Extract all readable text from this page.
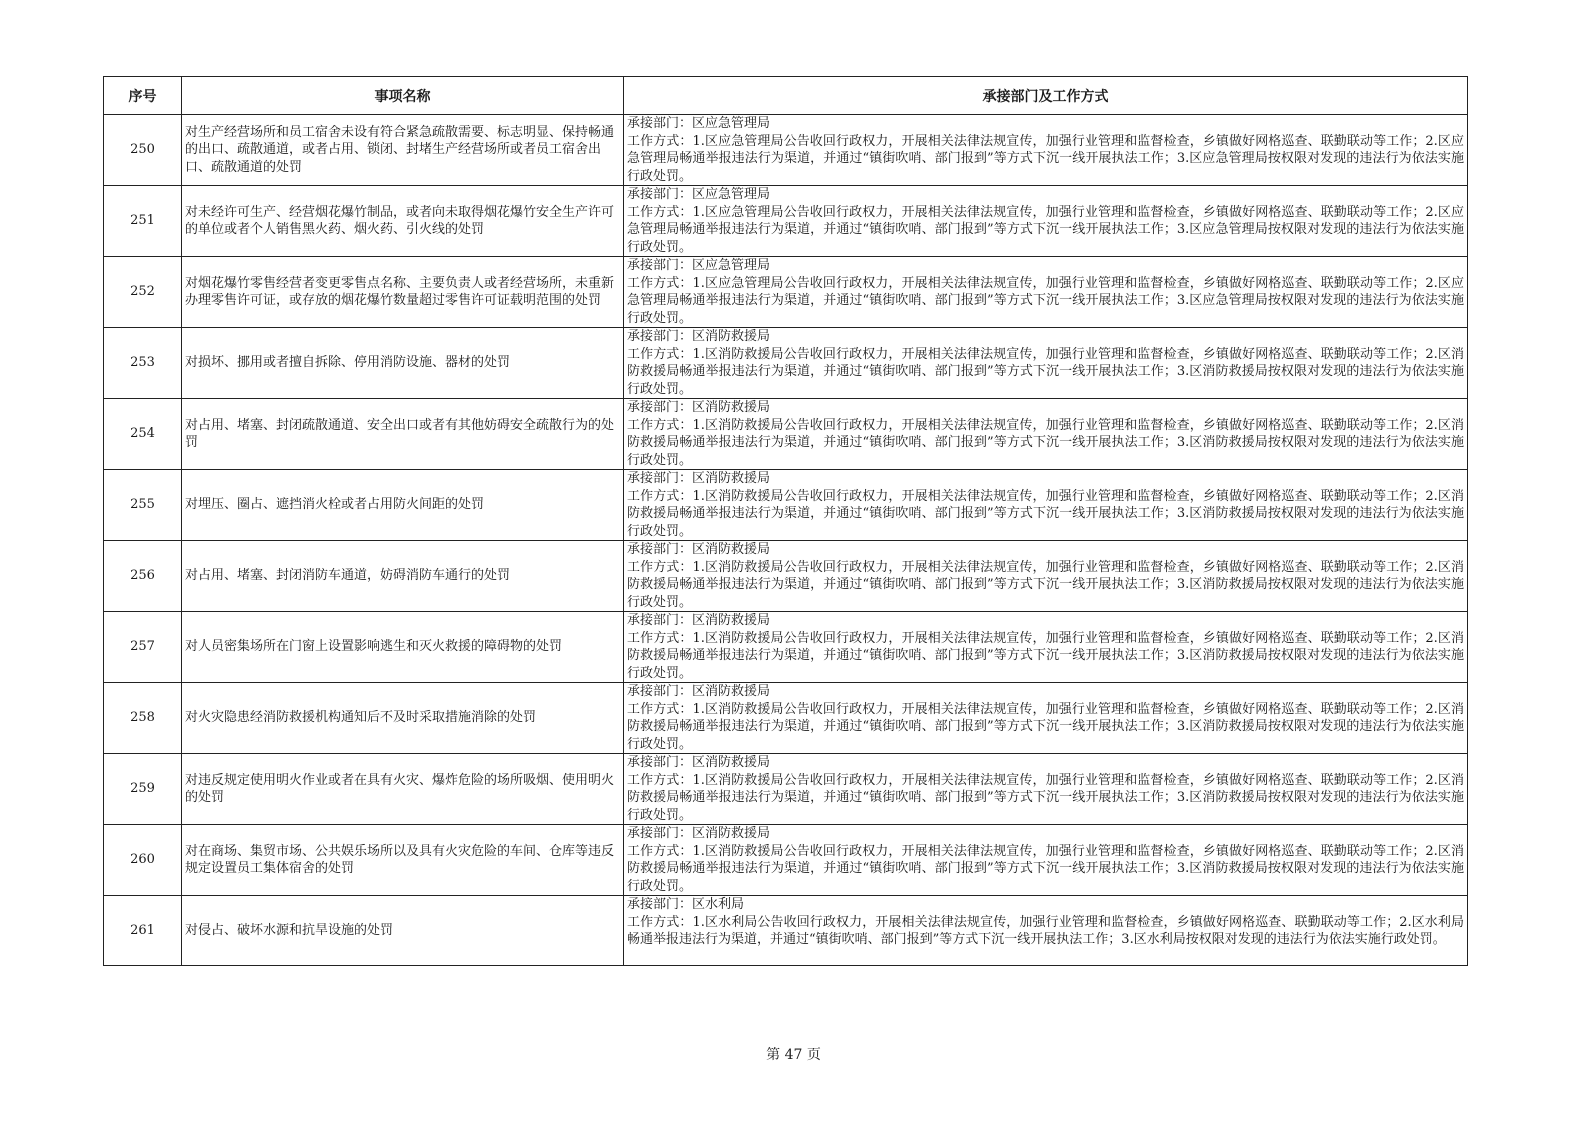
序号	事项名称	承接部门及工作方式
250	对生产经营场所和员工宿舍未设有符合紧急疏散需要、标志明显、保持畅通的出口、疏散通道，或者占用、锁闭、封堵生产经营场所或者员工宿舍出口、疏散通道的处罚	承接部门：区应急管理局
工作方式：1.区应急管理局公告收回行政权力，开展相关法律法规宣传，加强行业管理和监督检查，乡镇做好网格巡查、联勤联动等工作；2.区应急管理局畅通举报违法行为渠道，并通过“镇街吹哨、部门报到”等方式下沉一线开展执法工作；3.区应急管理局按权限对发现的违法行为依法实施行政处罚。

251	对未经许可生产、经营烟花爆竹制品，或者向未取得烟花爆竹安全生产许可的单位或者个人销售黑火药、烟火药、引火线的处罚	承接部门：区应急管理局
工作方式：1.区应急管理局公告收回行政权力，开展相关法律法规宣传，加强行业管理和监督检查，乡镇做好网格巡查、联勤联动等工作；2.区应急管理局畅通举报违法行为渠道，并通过“镇街吹哨、部门报到”等方式下沉一线开展执法工作；3.区应急管理局按权限对发现的违法行为依法实施行政处罚。

252	对烟花爆竹零售经营者变更零售点名称、主要负责人或者经营场所，未重新办理零售许可证，或存放的烟花爆竹数量超过零售许可证载明范围的处罚	承接部门：区应急管理局
工作方式：1.区应急管理局公告收回行政权力，开展相关法律法规宣传，加强行业管理和监督检查，乡镇做好网格巡查、联勤联动等工作；2.区应急管理局畅通举报违法行为渠道，并通过“镇街吹哨、部门报到”等方式下沉一线开展执法工作；3.区应急管理局按权限对发现的违法行为依法实施行政处罚。

253	对损坏、挪用或者擅自拆除、停用消防设施、器材的处罚	承接部门：区消防救援局
工作方式：1.区消防救援局公告收回行政权力，开展相关法律法规宣传，加强行业管理和监督检查，乡镇做好网格巡查、联勤联动等工作；2.区消防救援局畅通举报违法行为渠道，并通过“镇街吹哨、部门报到”等方式下沉一线开展执法工作；3.区消防救援局按权限对发现的违法行为依法实施行政处罚。

254	对占用、堵塞、封闭疏散通道、安全出口或者有其他妨碍安全疏散行为的处罚	承接部门：区消防救援局
工作方式：1.区消防救援局公告收回行政权力，开展相关法律法规宣传，加强行业管理和监督检查，乡镇做好网格巡查、联勤联动等工作；2.区消防救援局畅通举报违法行为渠道，并通过“镇街吹哨、部门报到”等方式下沉一线开展执法工作；3.区消防救援局按权限对发现的违法行为依法实施行政处罚。

255	对埋压、圈占、遮挡消火栓或者占用防火间距的处罚	承接部门：区消防救援局
工作方式：1.区消防救援局公告收回行政权力，开展相关法律法规宣传，加强行业管理和监督检查，乡镇做好网格巡查、联勤联动等工作；2.区消防救援局畅通举报违法行为渠道，并通过“镇街吹哨、部门报到”等方式下沉一线开展执法工作；3.区消防救援局按权限对发现的违法行为依法实施行政处罚。

256	对占用、堵塞、封闭消防车通道，妨碍消防车通行的处罚	承接部门：区消防救援局
工作方式：1.区消防救援局公告收回行政权力，开展相关法律法规宣传，加强行业管理和监督检查，乡镇做好网格巡查、联勤联动等工作；2.区消防救援局畅通举报违法行为渠道，并通过“镇街吹哨、部门报到”等方式下沉一线开展执法工作；3.区消防救援局按权限对发现的违法行为依法实施行政处罚。

257	对人员密集场所在门窗上设置影响逃生和灭火救援的障碍物的处罚	承接部门：区消防救援局
工作方式：1.区消防救援局公告收回行政权力，开展相关法律法规宣传，加强行业管理和监督检查，乡镇做好网格巡查、联勤联动等工作；2.区消防救援局畅通举报违法行为渠道，并通过“镇街吹哨、部门报到”等方式下沉一线开展执法工作；3.区消防救援局按权限对发现的违法行为依法实施行政处罚。

258	对火灾隐患经消防救援机构通知后不及时采取措施消除的处罚	承接部门：区消防救援局
工作方式：1.区消防救援局公告收回行政权力，开展相关法律法规宣传，加强行业管理和监督检查，乡镇做好网格巡查、联勤联动等工作；2.区消防救援局畅通举报违法行为渠道，并通过“镇街吹哨、部门报到”等方式下沉一线开展执法工作；3.区消防救援局按权限对发现的违法行为依法实施行政处罚。

259	对违反规定使用明火作业或者在具有火灾、爆炸危险的场所吸烟、使用明火的处罚	承接部门：区消防救援局
工作方式：1.区消防救援局公告收回行政权力，开展相关法律法规宣传，加强行业管理和监督检查，乡镇做好网格巡查、联勤联动等工作；2.区消防救援局畅通举报违法行为渠道，并通过“镇街吹哨、部门报到”等方式下沉一线开展执法工作；3.区消防救援局按权限对发现的违法行为依法实施行政处罚。

260	对在商场、集贸市场、公共娱乐场所以及具有火灾危险的车间、仓库等违反规定设置员工集体宿舍的处罚	承接部门：区消防救援局
工作方式：1.区消防救援局公告收回行政权力，开展相关法律法规宣传，加强行业管理和监督检查，乡镇做好网格巡查、联勤联动等工作；2.区消防救援局畅通举报违法行为渠道，并通过“镇街吹哨、部门报到”等方式下沉一线开展执法工作；3.区消防救援局按权限对发现的违法行为依法实施行政处罚。

261	对侵占、破坏水源和抗旱设施的处罚	承接部门：区水利局
工作方式：1.区水利局公告收回行政权力，开展相关法律法规宣传，加强行业管理和监督检查，乡镇做好网格巡查、联勤联动等工作；2.区水利局畅通举报违法行为渠道，并通过“镇街吹哨、部门报到”等方式下沉一线开展执法工作；3.区水利局按权限对发现的违法行为依法实施行政处罚。
第 47 页
